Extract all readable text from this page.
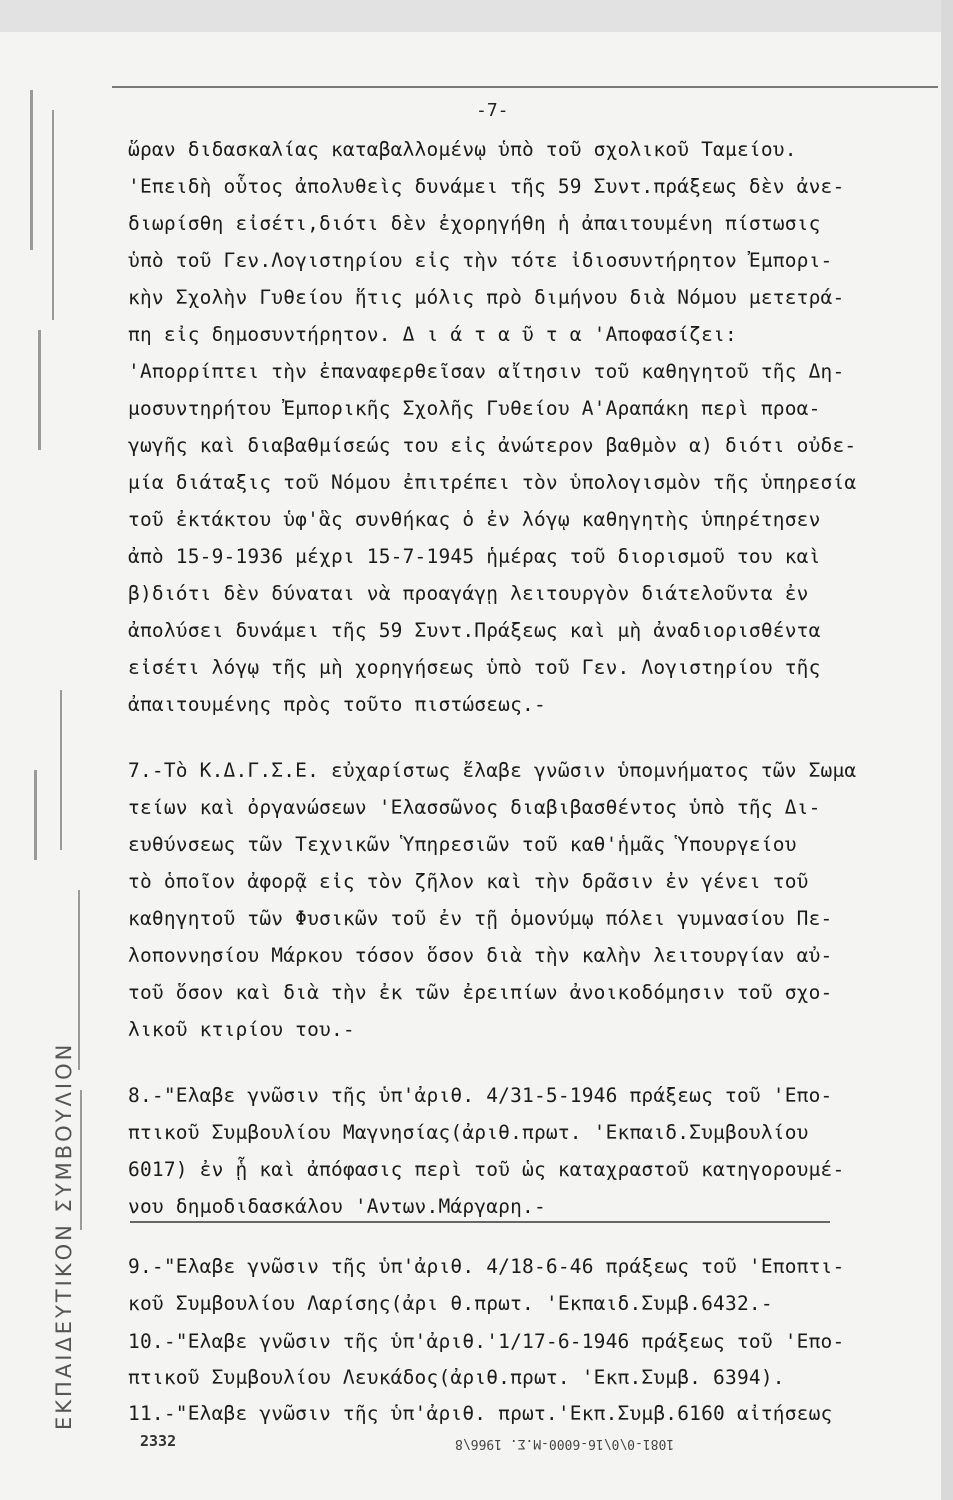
ΕΚΠΑΙΔΕΥΤΙΚΟΝ ΣΥΜΒΟΥΛΙΟΝ
-7-
ὥραν διδασκαλίας καταβαλλομένῳ ὑπὸ τοῦ σχολικοῦ Ταμείου.
'Επειδὴ οὗτος ἀπολυθεὶς δυνάμει τῆς 59 Συντ.πράξεως δὲν ἀνε-
διωρίσθη εἰσέτι,διότι δὲν ἐχορηγήθη ἡ ἀπαιτουμένη πίστωσις
ὑπὸ τοῦ Γεν.Λογιστηρίου εἰς τὴν τότε ἰδιοσυντήρητον Ἐμπορι-
κὴν Σχολὴν Γυθείου ἥτις μόλις πρὸ διμήνου διὰ Νόμου μετετρά-
πη εἰς δημοσυντήρητον. Δ ι ά τ α ῦ τ α 'Αποφασίζει:
'Απορρίπτει τὴν ἐπαναφερθεῖσαν αἴτησιν τοῦ καθηγητοῦ τῆς Δη-
μοσυντηρήτου Ἐμπορικῆς Σχολῆς Γυθείου Α'Αραπάκη περὶ προα-
γωγῆς καὶ διαβαθμίσεώς του εἰς ἀνώτερον βαθμὸν α) διότι οὐδε-
μία διάταξις τοῦ Νόμου ἐπιτρέπει τὸν ὑπολογισμὸν τῆς ὑπηρεσία
τοῦ ἐκτάκτου ὑφ'ἃς συνθήκας ὁ ἐν λόγῳ καθηγητὴς ὑπηρέτησεν
ἀπὸ 15-9-1936 μέχρι 15-7-1945 ἡμέρας τοῦ διορισμοῦ του καὶ
β)διότι δὲν δύναται νὰ προαγάγῃ λειτουργὸν διάτελοῦντα ἐν
ἀπολύσει δυνάμει τῆς 59 Συντ.Πράξεως καὶ μὴ ἀναδιορισθέντα
εἰσέτι λόγῳ τῆς μὴ χορηγήσεως ὑπὸ τοῦ Γεν. Λογιστηρίου τῆς
ἀπαιτουμένης πρὸς τοῦτο πιστώσεως.-
7.-Τὸ Κ.Δ.Γ.Σ.Ε. εὐχαρίστως ἔλαβε γνῶσιν ὑπομνήματος τῶν Σωμα
τείων καὶ ὀργανώσεων 'Ελασσῶνος διαβιβασθέντος ὑπὸ τῆς Δι-
ευθύνσεως τῶν Τεχνικῶν Ὑπηρεσιῶν τοῦ καθ'ἡμᾶς Ὑπουργείου
τὸ ὁποῖον ἀφορᾷ εἰς τὸν ζῆλον καὶ τὴν δρᾶσιν ἐν γένει τοῦ
καθηγητοῦ τῶν Φυσικῶν τοῦ ἐν τῇ ὁμονύμῳ πόλει γυμνασίου Πε-
λοποννησίου Μάρκου τόσον ὅσον διὰ τὴν καλὴν λειτουργίαν αὐ-
τοῦ ὅσον καὶ διὰ τὴν ἐκ τῶν ἐρειπίων ἀνοικοδόμησιν τοῦ σχο-
λικοῦ κτιρίου του.-
8.-"Ελαβε γνῶσιν τῆς ὑπ'ἀριθ. 4/31-5-1946 πράξεως τοῦ 'Επο-
πτικοῦ Συμβουλίου Μαγνησίας(ἀριθ.πρωτ. 'Εκπαιδ.Συμβουλίου
6017) ἐν ᾗ καὶ ἀπόφασις περὶ τοῦ ὡς καταχραστοῦ κατηγορουμέ-
νου δημοδιδασκάλου 'Αντων.Μάργαρη.-
9.-"Ελαβε γνῶσιν τῆς ὑπ'ἀριθ. 4/18-6-46 πράξεως τοῦ 'Εποπτι-
κοῦ Συμβουλίου Λαρίσης(ἀρι θ.πρωτ. 'Εκπαιδ.Συμβ.6432.-
10.-"Ελαβε γνῶσιν τῆς ὑπ'ἀριθ.'1/17-6-1946 πράξεως τοῦ 'Επο-
πτικοῦ Συμβουλίου Λευκάδος(ἀριθ.πρωτ. 'Εκπ.Συμβ. 6394).
11.-"Ελαβε γνῶσιν τῆς ὑπ'ἀριθ. πρωτ.'Εκπ.Συμβ.6160 αἰτήσεως
2332	1081-0\0\16-6000-Μ.Σ. 1966\8
